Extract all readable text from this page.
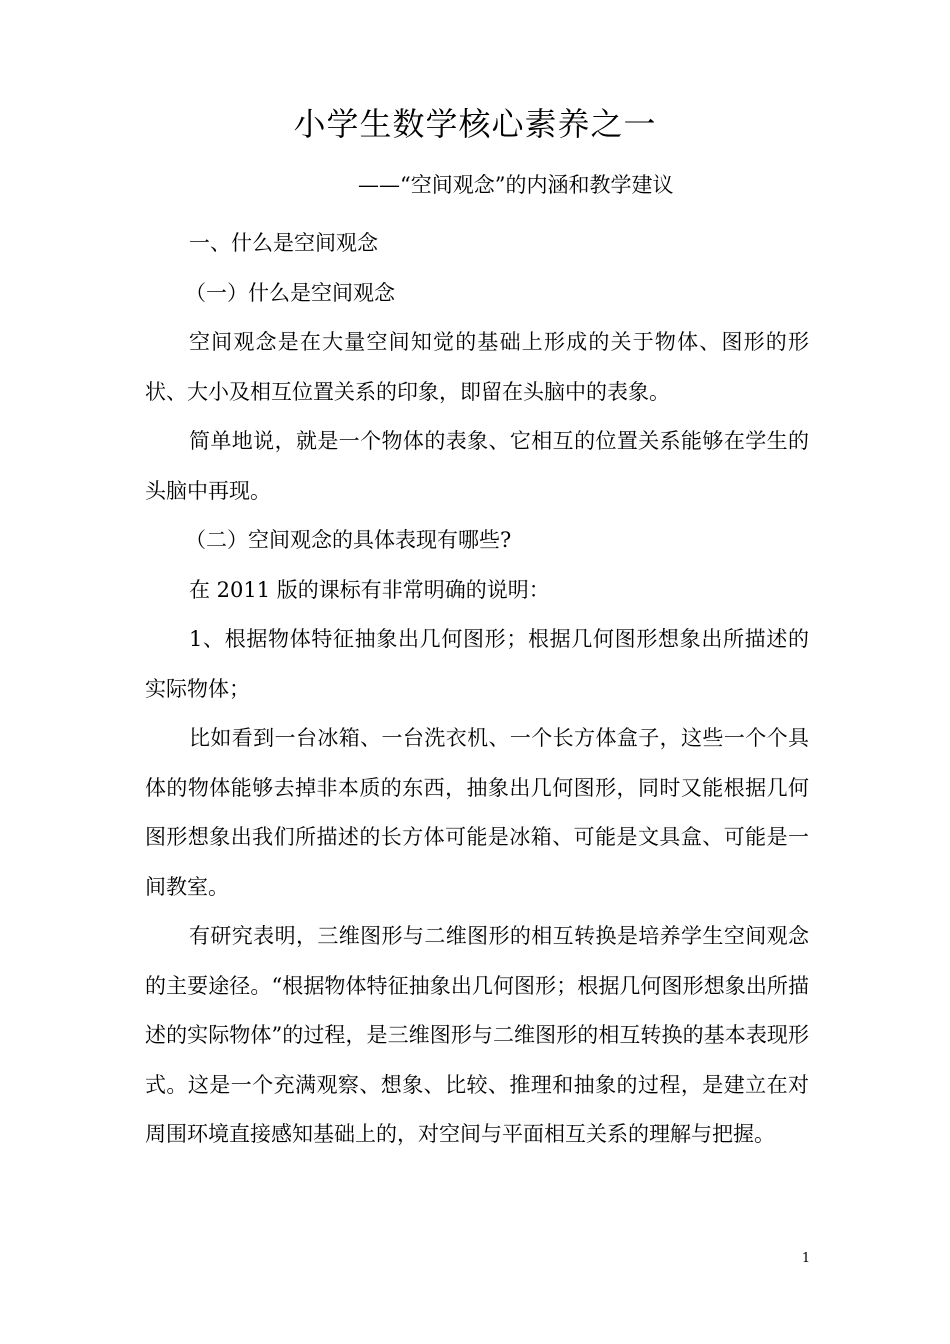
小学生数学核心素养之一
——“空间观念”的内涵和教学建议

一、什么是空间观念

（一）什么是空间观念

空间观念是在大量空间知觉的基础上形成的关于物体、图形的形状、大小及相互位置关系的印象，即留在头脑中的表象。

简单地说，就是一个物体的表象、它相互的位置关系能够在学生的头脑中再现。

（二）空间观念的具体表现有哪些?

在 2011 版的课标有非常明确的说明：

1、根据物体特征抽象出几何图形；根据几何图形想象出所描述的实际物体；

比如看到一台冰箱、一台洗衣机、一个长方体盒子，这些一个个具体的物体能够去掉非本质的东西，抽象出几何图形，同时又能根据几何图形想象出我们所描述的长方体可能是冰箱、可能是文具盒、可能是一间教室。

有研究表明，三维图形与二维图形的相互转换是培养学生空间观念的主要途径。“根据物体特征抽象出几何图形；根据几何图形想象出所描述的实际物体”的过程，是三维图形与二维图形的相互转换的基本表现形式。这是一个充满观察、想象、比较、推理和抽象的过程，是建立在对周围环境直接感知基础上的，对空间与平面相互关系的理解与把握。

1
